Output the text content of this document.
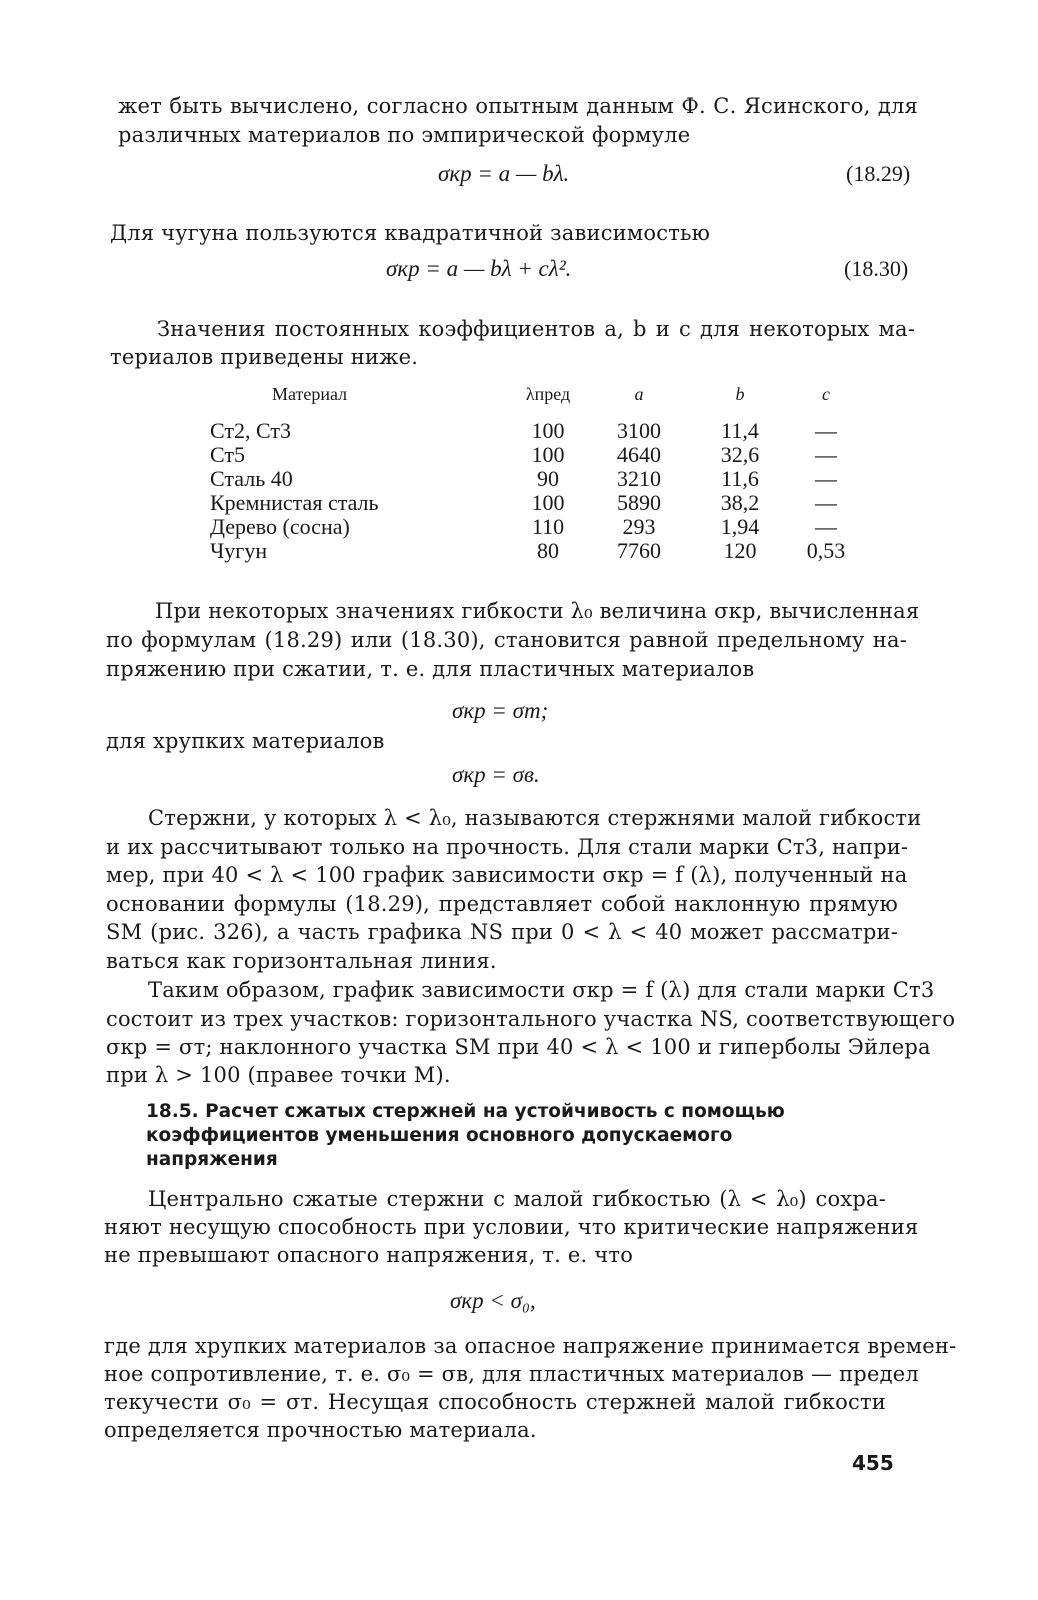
жет быть вычислено, согласно опытным данным Ф. С. Ясинского, для
различных материалов по эмпирической формуле
σкр = a — bλ.	(18.29)
Для чугуна пользуются квадратичной зависимостью
σкр = a — bλ + cλ².	(18.30)
Значения постоянных коэффициентов a, b и c для некоторых ма-
териалов приведены ниже.
Материал	λпред	a	b	c
Ст2, Ст3	100	3100	11,4	—
Ст5	100	4640	32,6	—
Сталь 40	90	3210	11,6	—
Кремнистая сталь	100	5890	38,2	—
Дерево (сосна)	110	293	1,94	—
Чугун	80	7760	120	0,53
При некоторых значениях гибкости λ₀ величина σкр, вычисленная
по формулам (18.29) или (18.30), становится равной предельному на-
пряжению при сжатии, т. е. для пластичных материалов
σкр = σт;
для хрупких материалов
σкр = σв.
Стержни, у которых λ < λ₀, называются стержнями малой гибкости
и их рассчитывают только на прочность. Для стали марки Ст3, напри-
мер, при 40 < λ < 100 график зависимости σкр = f (λ), полученный на
основании формулы (18.29), представляет собой наклонную прямую
SM (рис. 326), а часть графика NS при 0 < λ < 40 может рассматри-
ваться как горизонтальная линия.
Таким образом, график зависимости σкр = f (λ) для стали марки Ст3
состоит из трех участков: горизонтального участка NS, соответствующего
σкр = σт; наклонного участка SM при 40 < λ < 100 и гиперболы Эйлера
при λ > 100 (правее точки M).
18.5. Расчет сжатых стержней на устойчивость с помощью
коэффициентов уменьшения основного допускаемого
напряжения
Центрально сжатые стержни с малой гибкостью (λ < λ₀) сохра-
няют несущую способность при условии, что критические напряжения
не превышают опасного напряжения, т. е. что
σкр < σ₀,
где для хрупких материалов за опасное напряжение принимается времен-
ное сопротивление, т. е. σ₀ = σв, для пластичных материалов — предел
текучести σ₀ = σт. Несущая способность стержней малой гибкости
определяется прочностью материала.
455
